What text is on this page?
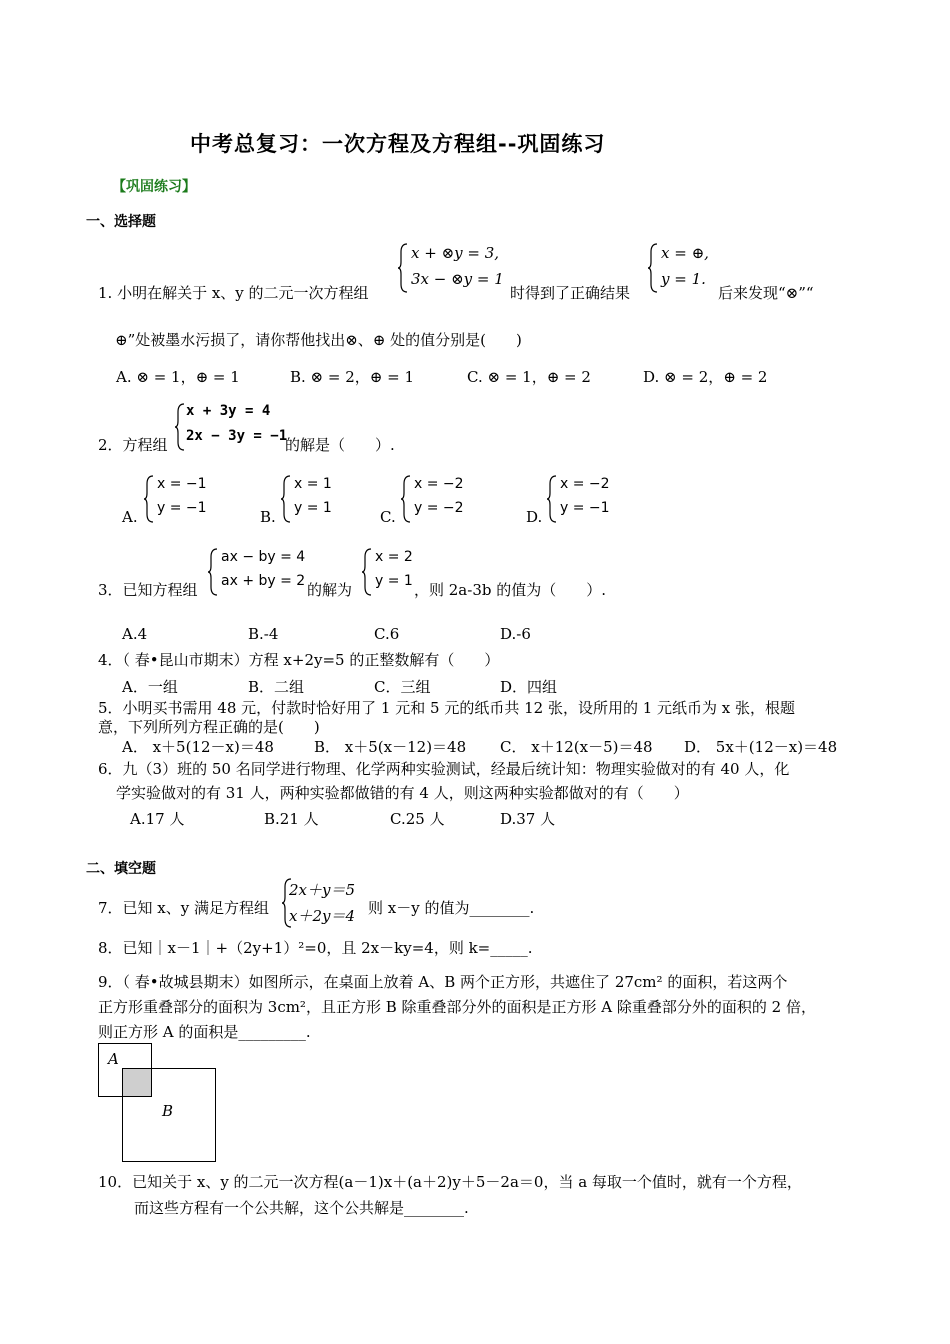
中考总复习：一次方程及方程组--巩固练习
【巩固练习】
一、选择题
1. 小明在解关于 x、y 的二元一次方程组
x + ⊗y = 3,
3x − ⊗y = 1
时得到了正确结果
x = ⊕,
y = 1.
后来发现“⊗”“
⊕”处被墨水污损了，请你帮他找出⊗、⊕ 处的值分别是(　　)
A. ⊗ = 1，⊕ = 1	B. ⊗ = 2，⊕ = 1	C. ⊗ = 1，⊕ = 2	D. ⊗ = 2，⊕ = 2
2．方程组
x + 3y = 4
2x − 3y = −1
的解是（　　）.
A.
x = −1
y = −1	B.
x = 1
y = 1	C.
x = −2
y = −2	D.
x = −2
y = −1
3．已知方程组
ax − by = 4
ax + by = 2 的解为
x = 2
y = 1 ，则 2a-3b 的值为（　　）.
A.4	B.-4	C.6	D.-6
4．（ 春•昆山市期末）方程 x+2y=5 的正整数解有（　　）
A．一组	B．二组	C．三组	D．四组
5．小明买书需用 48 元，付款时恰好用了 1 元和 5 元的纸币共 12 张，设所用的 1 元纸币为 x 张，根题
意，下列所列方程正确的是(　　)
A． x＋5(12－x)＝48	B． x＋5(x－12)＝48 C． x＋12(x－5)＝48 D． 5x＋(12－x)＝48
6．九（3）班的 50 名同学进行物理、化学两种实验测试，经最后统计知：物理实验做对的有 40 人，化
学实验做对的有 31 人，两种实验都做错的有 4 人，则这两种实验都做对的有（　　）
A.17 人	B.21 人	C.25 人	D.37 人
二、填空题
7．已知 x、y 满足方程组
2x＋y＝5
x＋2y＝4 则 x－y 的值为________.
8．已知｜x－1｜+（2y+1）²=0，且 2x－ky=4，则 k=_____.
9．（ 春•故城县期末）如图所示，在桌面上放着 A、B 两个正方形，共遮住了 27cm² 的面积，若这两个
正方形重叠部分的面积为 3cm²，且正方形 B 除重叠部分外的面积是正方形 A 除重叠部分外的面积的 2 倍，
则正方形 A 的面积是_________.
A
B
10．已知关于 x、y 的二元一次方程(a－1)x＋(a＋2)y＋5－2a＝0，当 a 每取一个值时，就有一个方程，
而这些方程有一个公共解，这个公共解是________.
